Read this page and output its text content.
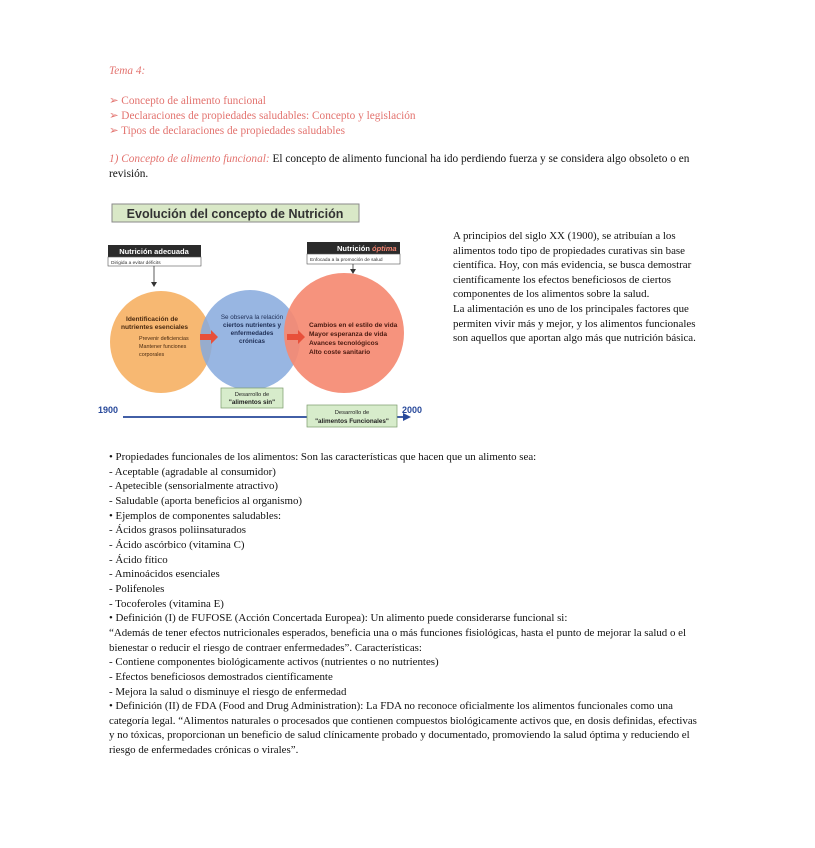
Tema 4:
➢ Concepto de alimento funcional
➢ Declaraciones de propiedades saludables: Concepto y legislación
➢ Tipos de declaraciones de propiedades saludables
1) Concepto de alimento funcional: El concepto de alimento funcional ha ido perdiendo fuerza y se considera algo obsoleto o en revisión.
Evolución del concepto de Nutrición
Nutrición adecuada
Dirigida a evitar déficits
Nutrición óptima
Enfocada a la promoción de salud
Identificación de
nutrientes esenciales
Prevenir deficiencias
Mantener funciones
corporales
Se observa la relación
ciertos nutrientes y
enfermedades
crónicas
Cambios en el estilo de vida
Mayor esperanza de vida
Avances tecnológicos
Alto coste sanitario
Desarrollo de
"alimentos sin"
1900	2000
Desarrollo de
"alimentos Funcionales"

A principios del siglo XX (1900), se atribuían a los alimentos todo tipo de propiedades curativas sin base científica. Hoy, con más evidencia, se busca demostrar científicamente los efectos beneficiosos de ciertos componentes de los alimentos sobre la salud.

La alimentación es uno de los principales factores que permiten vivir más y mejor, y los alimentos funcionales son aquellos que aportan algo más que nutrición básica.

• Propiedades funcionales de los alimentos: Son las características que hacen que un alimento sea:
- Aceptable (agradable al consumidor)
- Apetecible (sensorialmente atractivo)
- Saludable (aporta beneficios al organismo)
• Ejemplos de componentes saludables:
- Ácidos grasos poliinsaturados
- Ácido ascórbico (vitamina C)
- Ácido fítico
- Aminoácidos esenciales
- Polifenoles
- Tocoferoles (vitamina E)
• Definición (I) de FUFOSE (Acción Concertada Europea): Un alimento puede considerarse funcional si:
“Además de tener efectos nutricionales esperados, beneficia una o más funciones fisiológicas, hasta el punto de mejorar la salud o el bienestar o reducir el riesgo de contraer enfermedades”. Características:
- Contiene componentes biológicamente activos (nutrientes o no nutrientes)
- Efectos beneficiosos demostrados científicamente
- Mejora la salud o disminuye el riesgo de enfermedad
• Definición (II) de FDA (Food and Drug Administration): La FDA no reconoce oficialmente los alimentos funcionales como una categoría legal. “Alimentos naturales o procesados que contienen compuestos biológicamente activos que, en dosis definidas, efectivas y no tóxicas, proporcionan un beneficio de salud clínicamente probado y documentado, promoviendo la salud óptima y reduciendo el riesgo de enfermedades crónicas o virales”.
